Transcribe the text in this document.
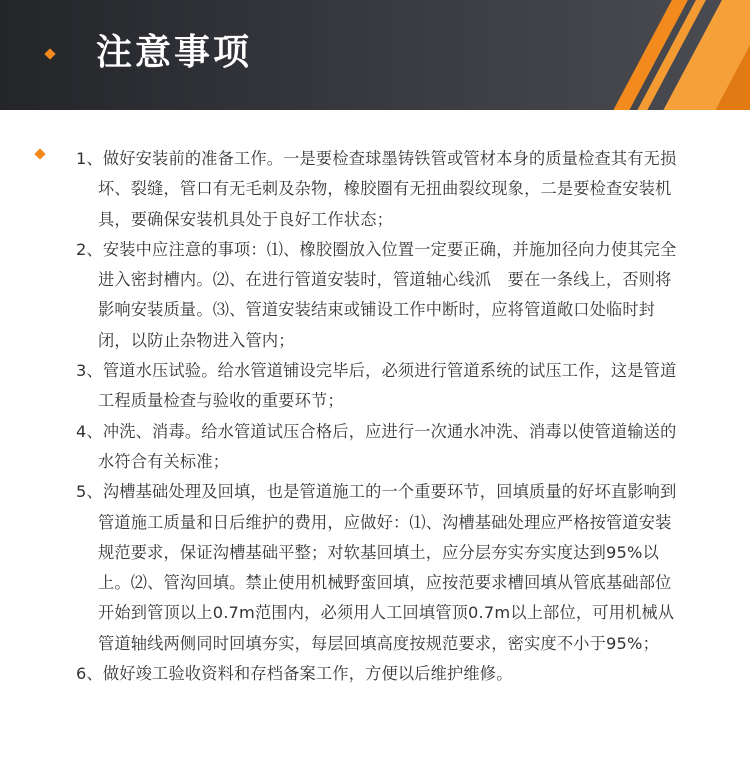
注意事项

1、做好安装前的准备工作。一是要检查球墨铸铁管或管材本身的质量检查其有无损坏、裂缝，管口有无毛刺及杂物，橡胶圈有无扭曲裂纹现象，二是要检查安装机具，要确保安装机具处于良好工作状态；

2、安装中应注意的事项：⑴、橡胶圈放入位置一定要正确，并施加径向力使其完全进入密封槽内。⑵、在进行管道安装时，管道轴心线沠　要在一条线上，否则将影响安装质量。⑶、管道安装结束或铺设工作中断时，应将管道敞口处临时封闭，以防止杂物进入管内；

3、管道水压试验。给水管道铺设完毕后，必须进行管道系统的试压工作，这是管道工程质量检查与验收的重要环节；

4、冲洗、消毒。给水管道试压合格后，应进行一次通水冲洗、消毒以使管道输送的水符合有关标准；

5、沟槽基础处理及回填，也是管道施工的一个重要环节，回填质量的好坏直影响到管道施工质量和日后维护的费用，应做好：⑴、沟槽基础处理应严格按管道安装规范要求，保证沟槽基础平整；对软基回填土，应分层夯实夯实度达到95%以上。⑵、管沟回填。禁止使用机械野蛮回填，应按范要求槽回填从管底基础部位开始到管顶以上0.7m范围内，必须用人工回填管顶0.7m以上部位，可用机械从管道轴线两侧同时回填夯实，每层回填高度按规范要求，密实度不小于95%；

6、做好竣工验收资料和存档备案工作，方便以后维护维修。
